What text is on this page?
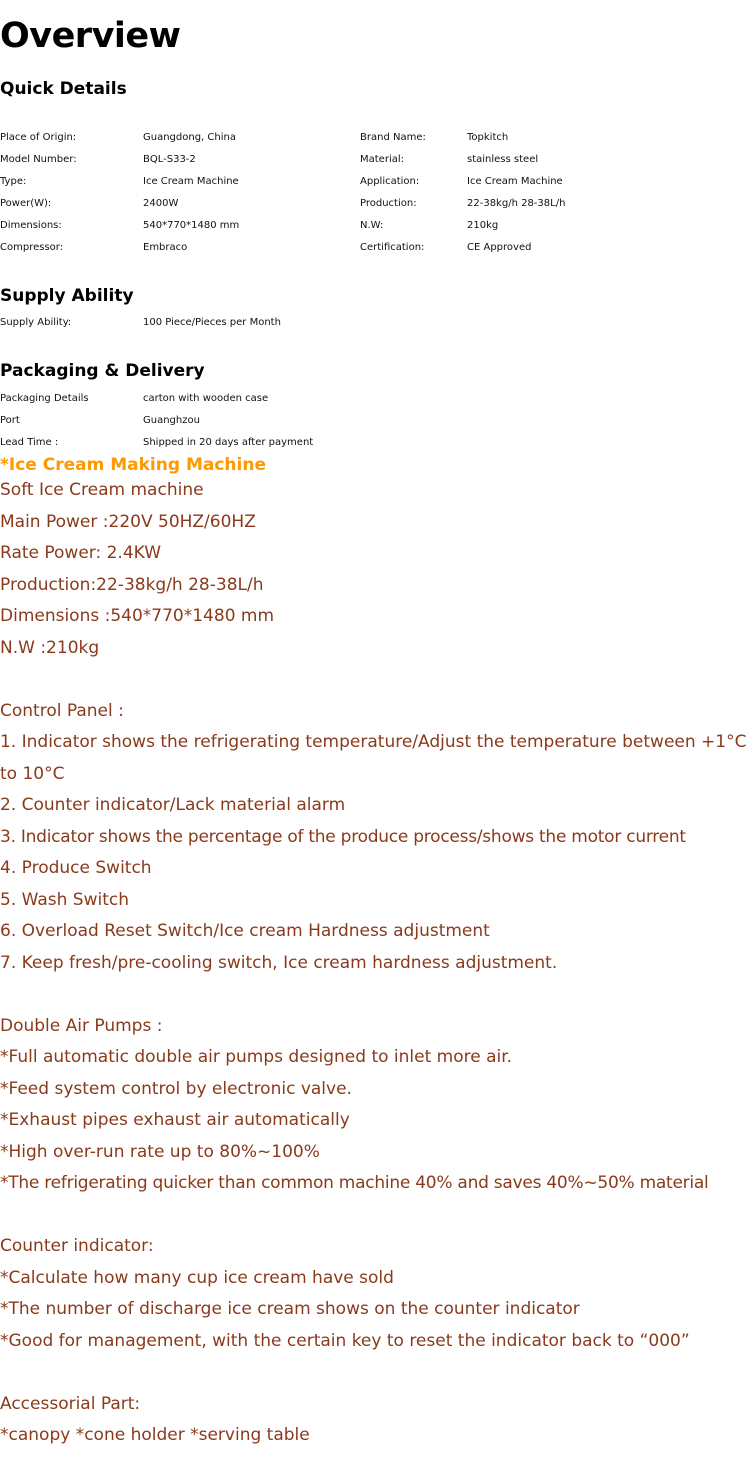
Overview
Quick Details
Place of Origin:	Guangdong, China	Brand Name:	Topkitch
Model Number:	BQL-S33-2	Material:	stainless steel
Type:	Ice Cream Machine	Application:	Ice Cream Machine
Power(W):	2400W	Production:	22-38kg/h 28-38L/h
Dimensions:	540*770*1480 mm	N.W:	210kg
Compressor:	Embraco	Certification:	CE Approved
Supply Ability
Supply Ability:	100 Piece/Pieces per Month
Packaging & Delivery
Packaging Details	carton with wooden case
Port	Guanghzou
Lead Time :	Shipped in 20 days after payment
*Ice Cream Making Machine
Soft Ice Cream machine
Main Power :220V 50HZ/60HZ
Rate Power: 2.4KW
Production:22-38kg/h 28-38L/h
Dimensions :540*770*1480 mm
N.W :210kg
Control Panel :
1. Indicator shows the refrigerating temperature/Adjust the temperature between +1°C to 10°C
2. Counter indicator/Lack material alarm
3. Indicator shows the percentage of the produce process/shows the motor current
4. Produce Switch
5. Wash Switch
6. Overload Reset Switch/Ice cream Hardness adjustment
7. Keep fresh/pre-cooling switch, Ice cream hardness adjustment.
Double Air Pumps :
*Full automatic double air pumps designed to inlet more air.
*Feed system control by electronic valve.
*Exhaust pipes exhaust air automatically
*High over-run rate up to 80%~100%
*The refrigerating quicker than common machine 40% and saves 40%~50% material
Counter indicator:
*Calculate how many cup ice cream have sold
*The number of discharge ice cream shows on the counter indicator
*Good for management, with the certain key to reset the indicator back to “000”
Accessorial Part:
*canopy *cone holder *serving table
